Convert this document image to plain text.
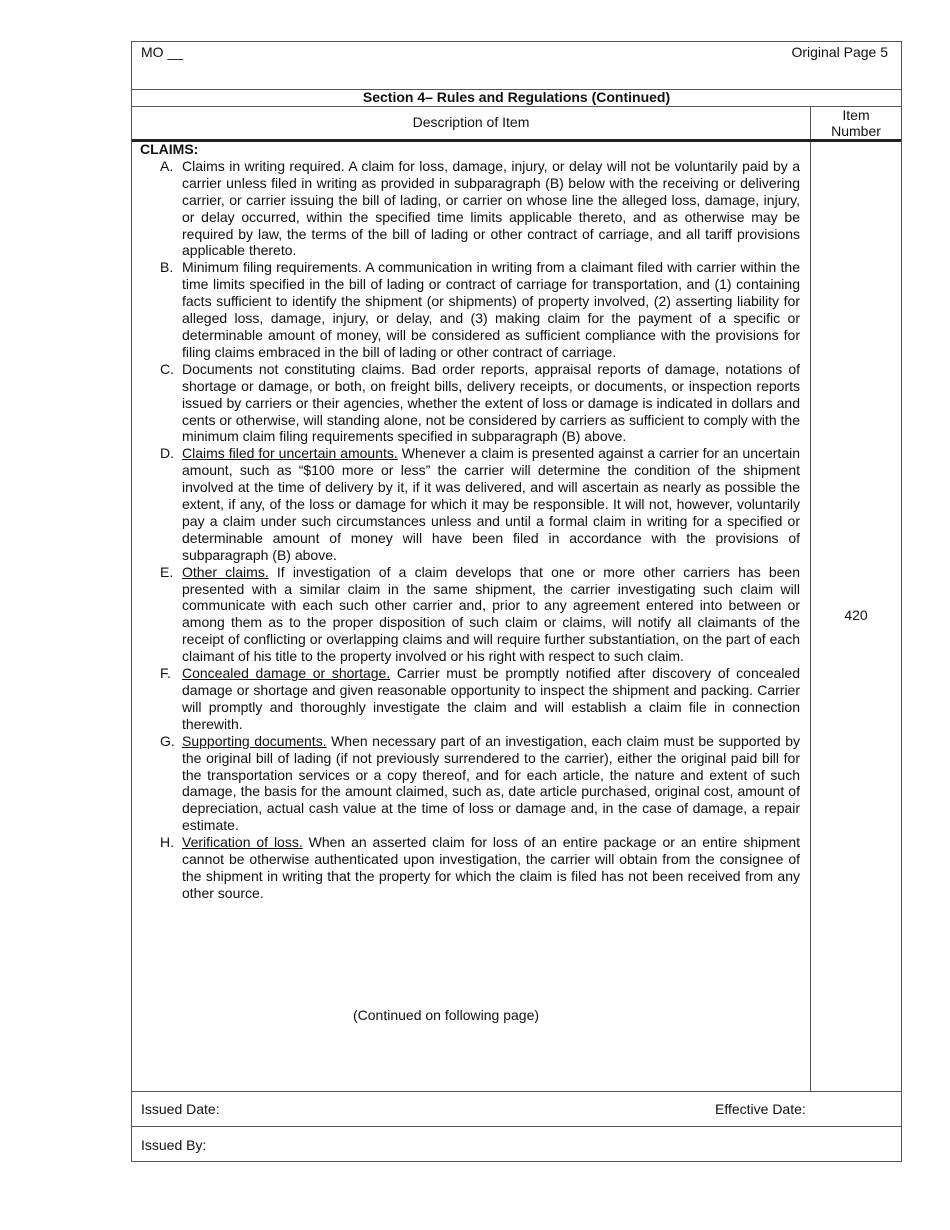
MO __	Original Page 5
Section 4– Rules and Regulations (Continued)
Description of Item	Item
Number
CLAIMS:
A. Claims in writing required. A claim for loss, damage, injury, or delay will not be voluntarily paid by a carrier unless filed in writing as provided in subparagraph (B) below with the receiving or delivering carrier, or carrier issuing the bill of lading, or carrier on whose line the alleged loss, damage, injury, or delay occurred, within the specified time limits applicable thereto, and as otherwise may be required by law, the terms of the bill of lading or other contract of carriage, and all tariff provisions applicable thereto.
B. Minimum filing requirements. A communication in writing from a claimant filed with carrier within the time limits specified in the bill of lading or contract of carriage for transportation, and (1) containing facts sufficient to identify the shipment (or shipments) of property involved, (2) asserting liability for alleged loss, damage, injury, or delay, and (3) making claim for the payment of a specific or determinable amount of money, will be considered as sufficient compliance with the provisions for filing claims embraced in the bill of lading or other contract of carriage.
C. Documents not constituting claims. Bad order reports, appraisal reports of damage, notations of shortage or damage, or both, on freight bills, delivery receipts, or documents, or inspection reports issued by carriers or their agencies, whether the extent of loss or damage is indicated in dollars and cents or otherwise, will standing alone, not be considered by carriers as sufficient to comply with the minimum claim filing requirements specified in subparagraph (B) above.
D. Claims filed for uncertain amounts. Whenever a claim is presented against a carrier for an uncertain amount, such as “$100 more or less” the carrier will determine the condition of the shipment involved at the time of delivery by it, if it was delivered, and will ascertain as nearly as possible the extent, if any, of the loss or damage for which it may be responsible. It will not, however, voluntarily pay a claim under such circumstances unless and until a formal claim in writing for a specified or determinable amount of money will have been filed in accordance with the provisions of subparagraph (B) above.
E. Other claims. If investigation of a claim develops that one or more other carriers has been presented with a similar claim in the same shipment, the carrier investigating such claim will communicate with each such other carrier and, prior to any agreement entered into between or among them as to the proper disposition of such claim or claims, will notify all claimants of the receipt of conflicting or overlapping claims and will require further substantiation, on the part of each claimant of his title to the property involved or his right with respect to such claim.
F. Concealed damage or shortage. Carrier must be promptly notified after discovery of concealed damage or shortage and given reasonable opportunity to inspect the shipment and packing. Carrier will promptly and thoroughly investigate the claim and will establish a claim file in connection therewith.
G. Supporting documents. When necessary part of an investigation, each claim must be supported by the original bill of lading (if not previously surrendered to the carrier), either the original paid bill for the transportation services or a copy thereof, and for each article, the nature and extent of such damage, the basis for the amount claimed, such as, date article purchased, original cost, amount of depreciation, actual cash value at the time of loss or damage and, in the case of damage, a repair estimate.
H. Verification of loss. When an asserted claim for loss of an entire package or an entire shipment cannot be otherwise authenticated upon investigation, the carrier will obtain from the consignee of the shipment in writing that the property for which the claim is filed has not been received from any other source.
(Continued on following page)
420
Issued Date:	Effective Date:
Issued By:
